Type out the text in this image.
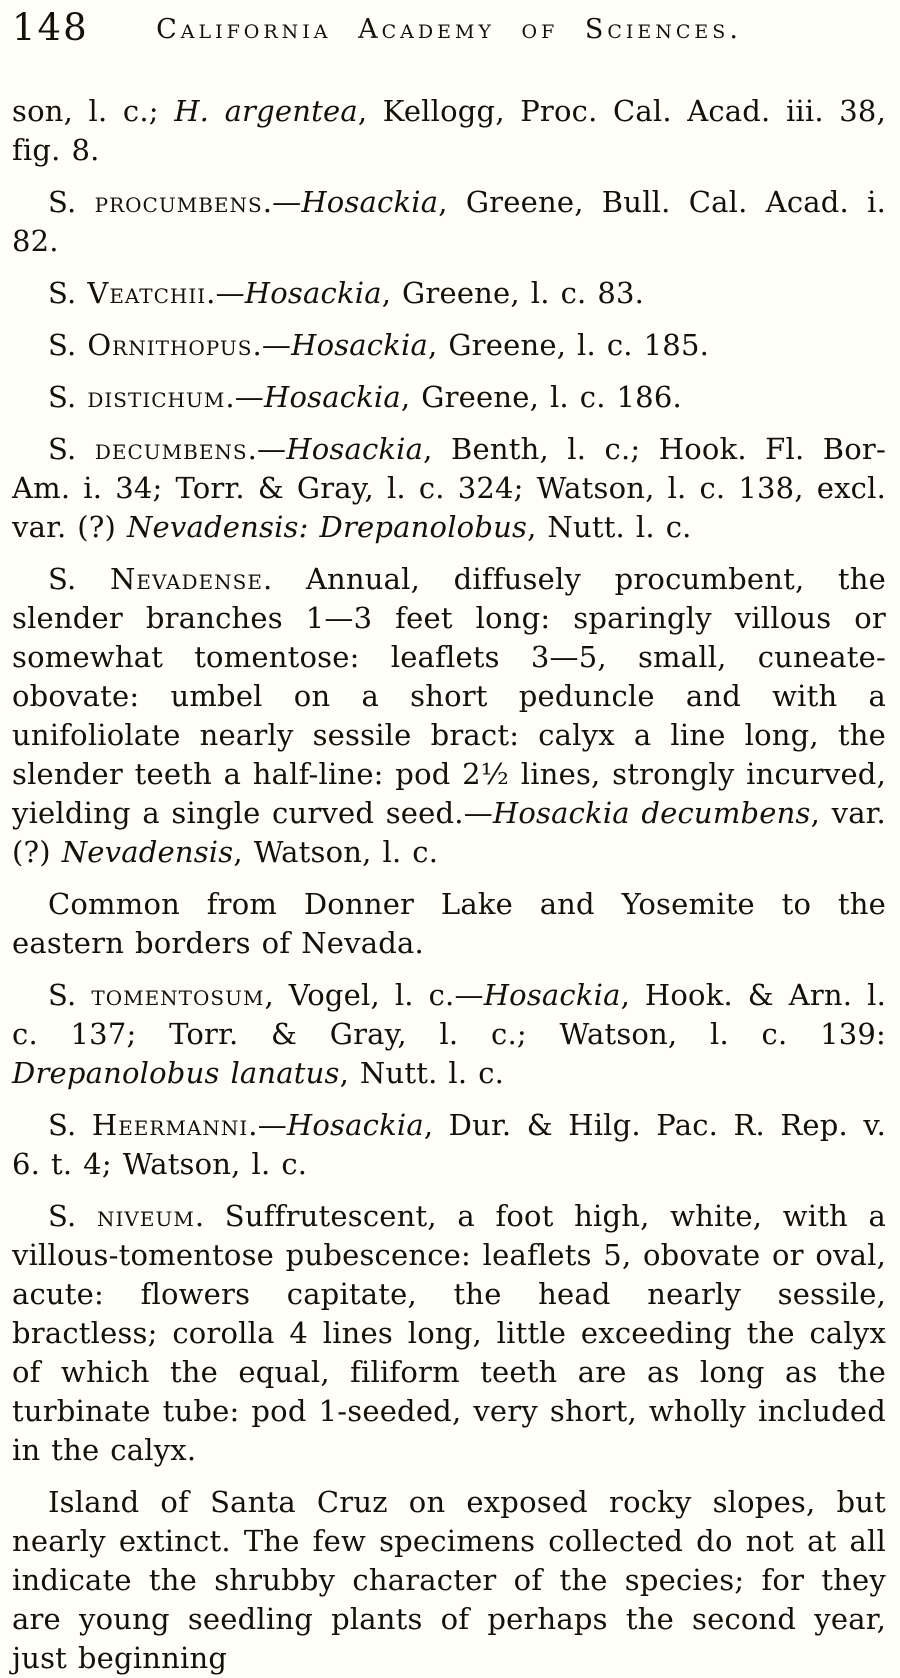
148	California Academy of Sciences.

son, l. c.; H. argentea, Kellogg, Proc. Cal. Acad. iii. 38, fig. 8.

S. procumbens.—Hosackia, Greene, Bull. Cal. Acad. i. 82.

S. Veatchii.—Hosackia, Greene, l. c. 83.

S. Ornithopus.—Hosackia, Greene, l. c. 185.

S. distichum.—Hosackia, Greene, l. c. 186.

S. decumbens.—Hosackia, Benth, l. c.; Hook. Fl. Bor-Am. i. 34; Torr. & Gray, l. c. 324; Watson, l. c. 138, excl. var. (?) Nevadensis: Drepanolobus, Nutt. l. c.

S. Nevadense. Annual, diffusely procumbent, the slender branches 1—3 feet long: sparingly villous or somewhat tomentose: leaflets 3—5, small, cuneate-obovate: umbel on a short peduncle and with a unifoliolate nearly sessile bract: calyx a line long, the slender teeth a half-line: pod 2½ lines, strongly incurved, yielding a single curved seed.—Hosackia decumbens, var. (?) Nevadensis, Watson, l. c.

Common from Donner Lake and Yosemite to the eastern borders of Nevada.

S. tomentosum, Vogel, l. c.—Hosackia, Hook. & Arn. l. c. 137; Torr. & Gray, l. c.; Watson, l. c. 139: Drepanolobus lanatus, Nutt. l. c.

S. Heermanni.—Hosackia, Dur. & Hilg. Pac. R. Rep. v. 6. t. 4; Watson, l. c.

S. niveum. Suffrutescent, a foot high, white, with a villous-tomentose pubescence: leaflets 5, obovate or oval, acute: flowers capitate, the head nearly sessile, bractless; corolla 4 lines long, little exceeding the calyx of which the equal, filiform teeth are as long as the turbinate tube: pod 1-seeded, very short, wholly included in the calyx.

Island of Santa Cruz on exposed rocky slopes, but nearly extinct. The few specimens collected do not at all indicate the shrubby character of the species; for they are young seedling plants of perhaps the second year, just beginning
